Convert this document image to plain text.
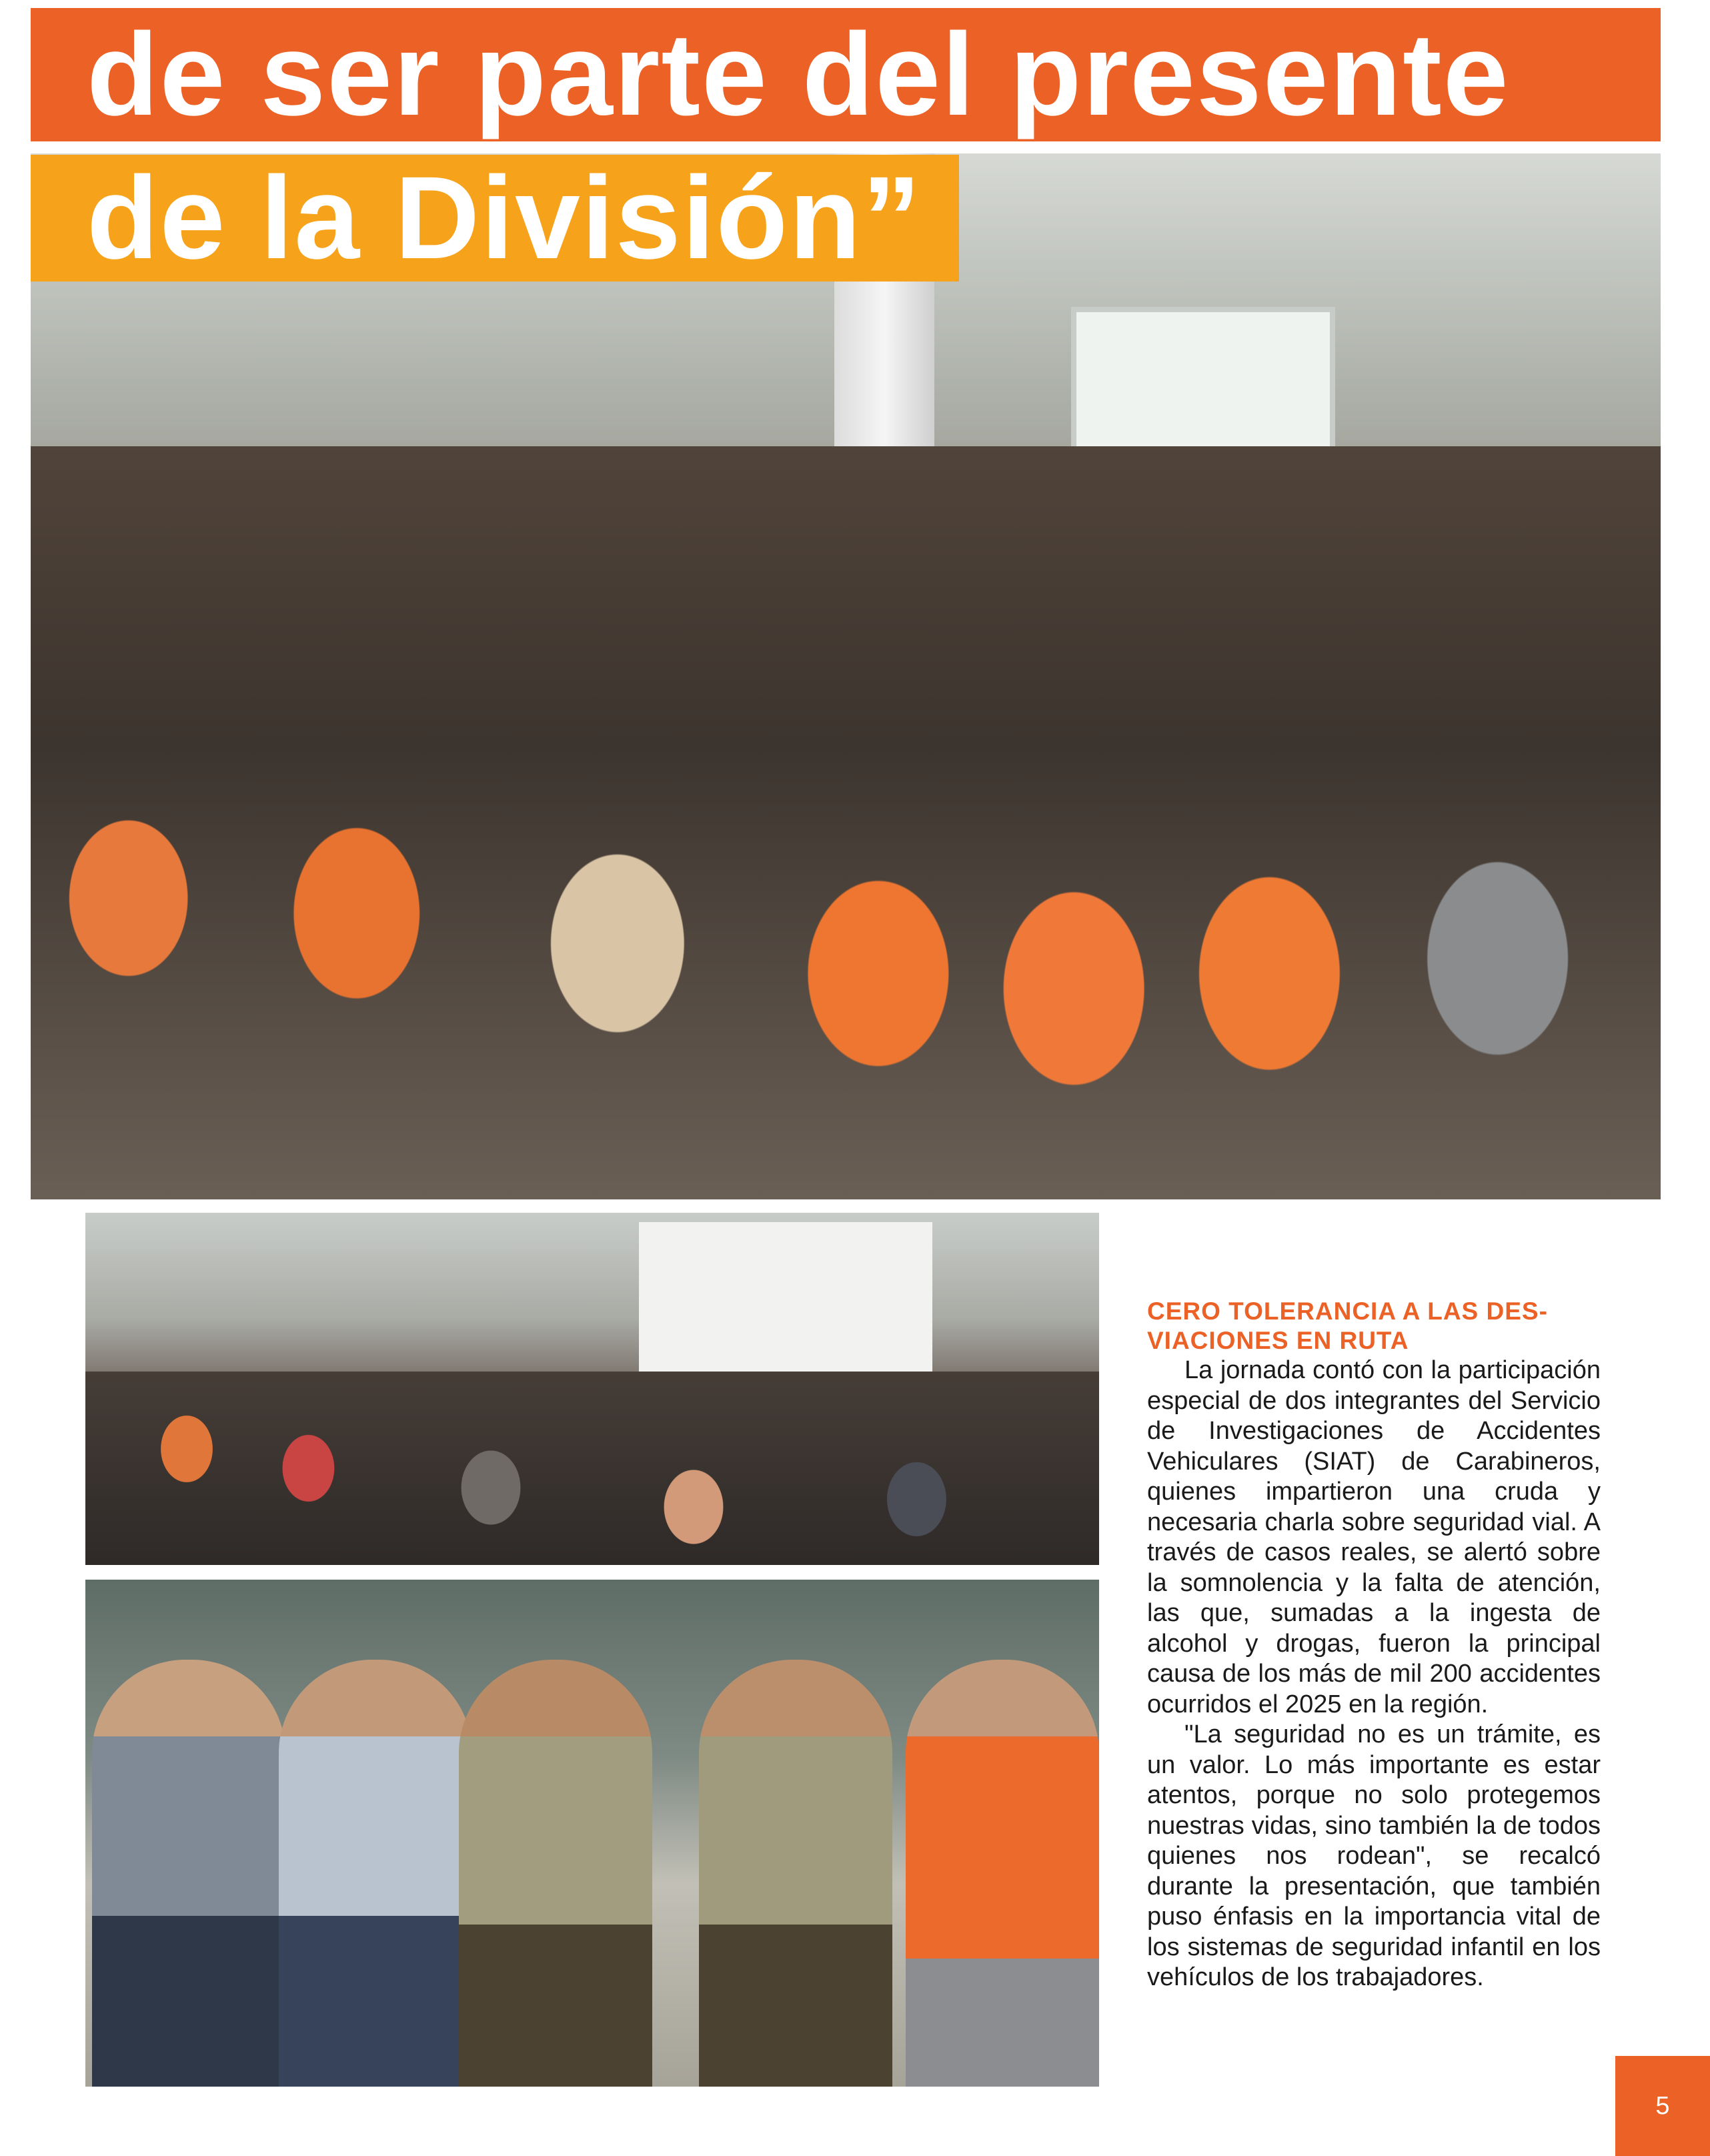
de ser parte del presente
de la División”
CERO TOLERANCIA A LAS DES-
VIACIONES EN RUTA

La jornada contó con la participación especial de dos integrantes del Servicio de Investigaciones de Accidentes Vehiculares (SIAT) de Carabineros, quienes impartieron una cruda y necesaria charla sobre seguridad vial. A través de casos reales, se alertó sobre la somnolencia y la falta de atención, las que, sumadas a la ingesta de alcohol y drogas, fueron la principal causa de los más de mil 200 accidentes ocurridos el 2025 en la región.

"La seguridad no es un trámite, es un valor. Lo más importante es estar atentos, porque no solo protegemos nuestras vidas, sino también la de todos quienes nos rodean", se recalcó durante la presentación, que también puso énfasis en la importancia vital de los sistemas de seguridad infantil en los vehículos de los trabajadores.

5
